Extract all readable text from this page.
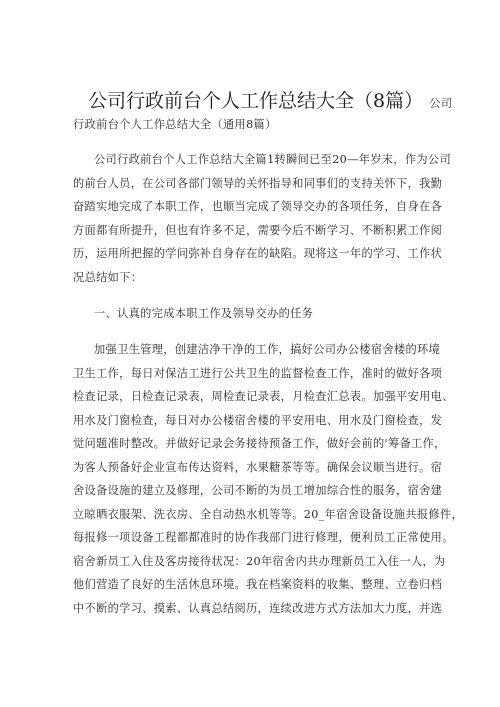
公司行政前台个人工作总结大全（8篇） 公司
行政前台个人工作总结大全（通用8篇）
公司行政前台个人工作总结大全篇1转瞬间已至20—年岁末，作为公司
的前台人员，在公司各部门领导的关怀指导和同事们的支持关怀下，我勤
奋踏实地完成了本职工作，也顺当完成了领导交办的各项任务，自身在各
方面都有所提升，但也有许多不足，需要今后不断学习、不断积累工作阅
历，运用所把握的学问弥补自身存在的缺陷。现将这一年的学习、工作状
况总结如下：
一、认真的完成本职工作及领导交办的任务
加强卫生管理，创建洁净干净的工作，搞好公司办公楼宿舍楼的环境
卫生工作，每日对保洁工进行公共卫生的监督检查工作，准时的做好各项
检查记录，日检查记录表，周检查记录表，月检查汇总表。加强平安用电、
用水及门窗检查，每日对办公楼宿舍楼的平安用电、用水及门窗检查，发
觉问题准时整改。并做好记录会务接待预备工作，做好会前的'筹备工作，
为客人预备好企业宣布传达资料，水果糖茶等等。确保会议顺当进行。宿
舍设备设施的建立及修理，公司不断的为员工增加综合性的服务，宿舍建
立晾晒衣服架、洗衣房、全自动热水机等等。20_年宿舍设备设施共报修件，
每报修一项设备工程都都准时的协作我部门进行修理，便利员工正常使用。
宿舍新员工入住及客房接待状况：20年宿舍内共办理新员工入住一人，为
他们营造了良好的生活休息环境。我在档案资料的收集、整理、立卷归档
中不断的学习、摸索、认真总结阅历，连续改进方式方法加大力度，并选
